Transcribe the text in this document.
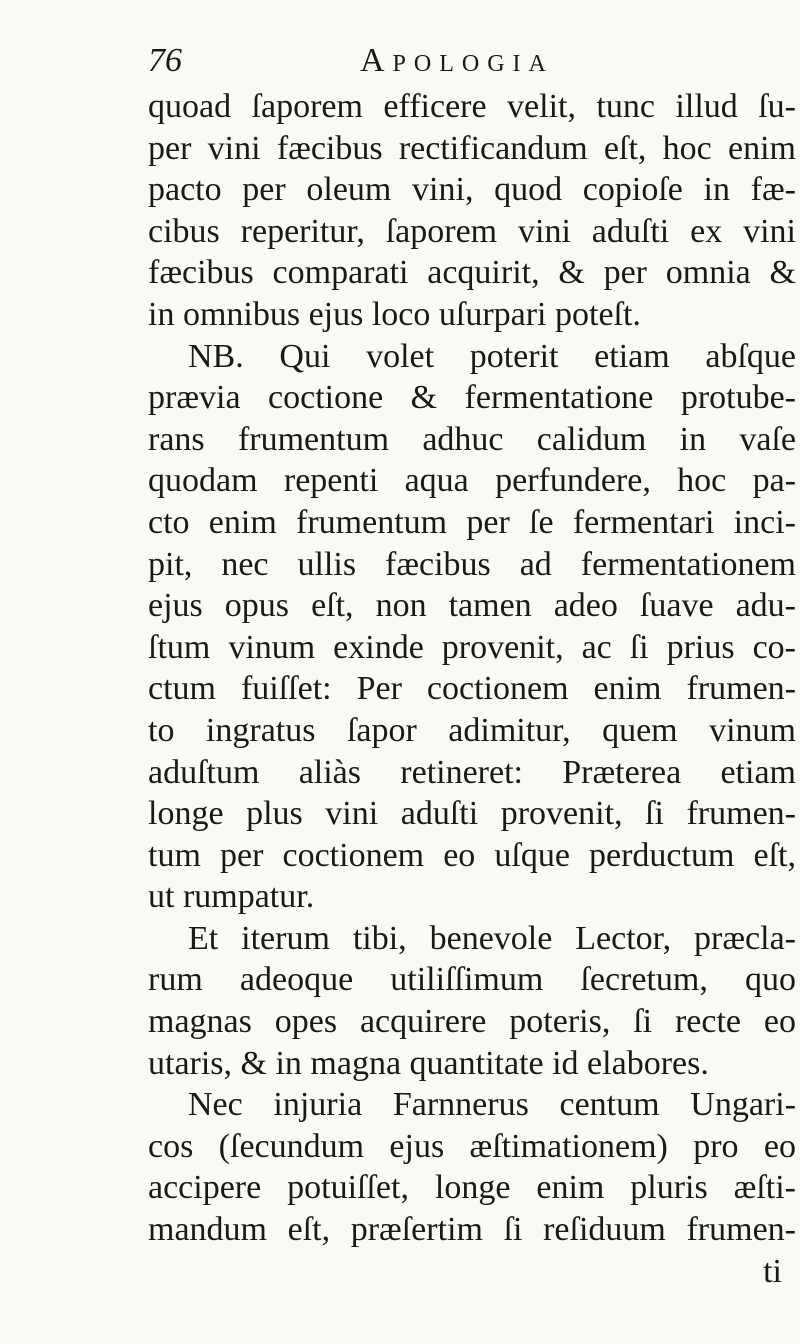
76	Apologia
quoad ſaporem efficere velit, tunc illud ſu-
per vini fæcibus rectificandum eſt, hoc enim
pacto per oleum vini, quod copioſe in fæ-
cibus reperitur, ſaporem vini aduſti ex vini
fæcibus comparati acquirit, & per omnia &
in omnibus ejus loco uſurpari poteſt.
NB. Qui volet poterit etiam abſque
prævia coctione & fermentatione protube-
rans frumentum adhuc calidum in vaſe
quodam repenti aqua perfundere, hoc pa-
cto enim frumentum per ſe fermentari inci-
pit, nec ullis fæcibus ad fermentationem
ejus opus eſt, non tamen adeo ſuave adu-
ſtum vinum exinde provenit, ac ſi prius co-
ctum fuiſſet: Per coctionem enim frumen-
to ingratus ſapor adimitur, quem vinum
aduſtum aliàs retineret: Præterea etiam
longe plus vini aduſti provenit, ſi frumen-
tum per coctionem eo uſque perductum eſt,
ut rumpatur.
Et iterum tibi, benevole Lector, præcla-
rum adeoque utiliſſimum ſecretum, quo
magnas opes acquirere poteris, ſi recte eo
utaris, & in magna quantitate id elabores.
Nec injuria Farnnerus centum Ungari-
cos (ſecundum ejus æſtimationem) pro eo
accipere potuiſſet, longe enim pluris æſti-
mandum eſt, præſertim ſi reſiduum frumen-
ti
